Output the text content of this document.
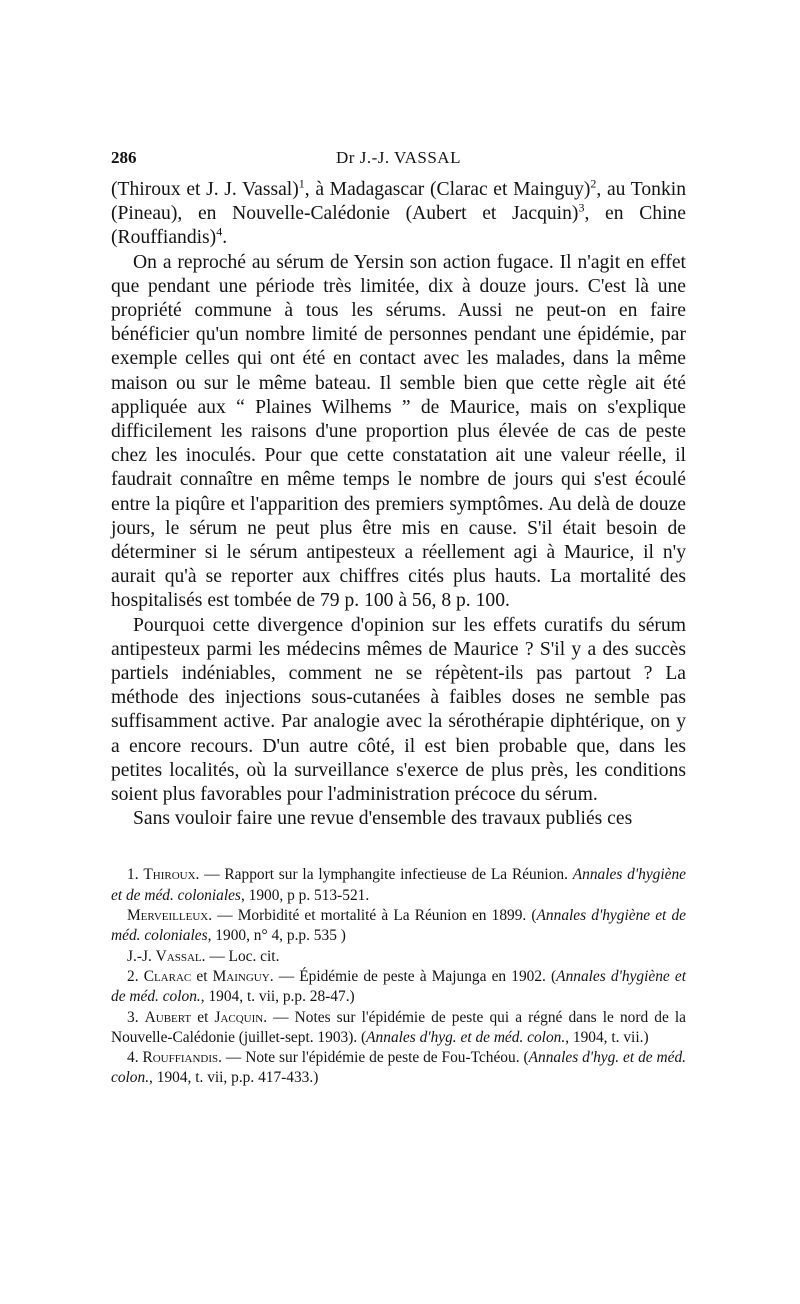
286	Dr J.-J. VASSAL

(Thiroux et J. J. Vassal)$^1$, à Madagascar (Clarac et Mainguy)$^2$, au Tonkin (Pineau), en Nouvelle-Calédonie (Aubert et Jacquin)$^3$, en Chine (Rouffiandis)$^4$.

On a reproché au sérum de Yersin son action fugace. Il n'agit en effet que pendant une période très limitée, dix à douze jours. C'est là une propriété commune à tous les sérums. Aussi ne peut-on en faire bénéficier qu'un nombre limité de personnes pendant une épidémie, par exemple celles qui ont été en contact avec les malades, dans la même maison ou sur le même bateau. Il semble bien que cette règle ait été appliquée aux “ Plaines Wilhems ” de Maurice, mais on s'explique difficilement les raisons d'une proportion plus élevée de cas de peste chez les inoculés. Pour que cette constatation ait une valeur réelle, il faudrait connaître en même temps le nombre de jours qui s'est écoulé entre la piqûre et l'apparition des premiers symptômes. Au delà de douze jours, le sérum ne peut plus être mis en cause. S'il était besoin de déterminer si le sérum antipesteux a réellement agi à Maurice, il n'y aurait qu'à se reporter aux chiffres cités plus hauts. La mortalité des hospitalisés est tombée de 79 p. 100 à 56, 8 p. 100.

Pourquoi cette divergence d'opinion sur les effets curatifs du sérum antipesteux parmi les médecins mêmes de Maurice ? S'il y a des succès partiels indéniables, comment ne se répètent-ils pas partout ? La méthode des injections sous-cutanées à faibles doses ne semble pas suffisamment active. Par analogie avec la sérothérapie diphtérique, on y a encore recours. D'un autre côté, il est bien probable que, dans les petites localités, où la surveillance s'exerce de plus près, les conditions soient plus favorables pour l'administration précoce du sérum.

Sans vouloir faire une revue d'ensemble des travaux publiés ces

1. Thiroux. — Rapport sur la lymphangite infectieuse de La Réunion. Annales d'hygiène et de méd. coloniales, 1900, p p. 513-521.

Merveilleux. — Morbidité et mortalité à La Réunion en 1899. (Annales d'hygiène et de méd. coloniales, 1900, n° 4, p.p. 535 )

J.-J. Vassal. — Loc. cit.

2. Clarac et Mainguy. — Épidémie de peste à Majunga en 1902. (Annales d'hygiène et de méd. colon., 1904, t. vii, p.p. 28-47.)

3. Aubert et Jacquin. — Notes sur l'épidémie de peste qui a régné dans le nord de la Nouvelle-Calédonie (juillet-sept. 1903). (Annales d'hyg. et de méd. colon., 1904, t. vii.)

4. Rouffiandis. — Note sur l'épidémie de peste de Fou-Tchéou. (Annales d'hyg. et de méd. colon., 1904, t. vii, p.p. 417-433.)
